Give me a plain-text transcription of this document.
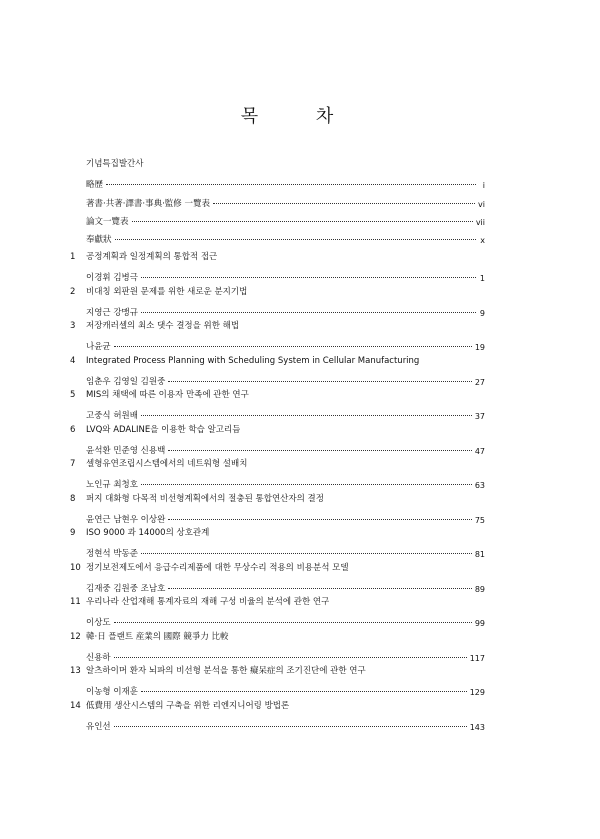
목 차
기념특집발간사
略歷	i
著書·共著·譯書·事典·監修 一覽表	vi
論文一覽表	vii
奉獻狀	x
1	공정계획과 일정계획의 통합적 접근
이경휘 김병극	1
2	비대칭 외판원 문제를 위한 새로운 분지기법
지영근 강맹규	9
3	저장캐러셀의 최소 댓수 결정을 위한 해법
나윤균	19
4	Integrated Process Planning with Scheduling System in Cellular Manufacturing
임춘우 김영일 김원중	27
5	MIS의 채택에 따른 이용자 만족에 관한 연구
고중식 허원배	37
6	LVQ와 ADALINE을 이용한 학습 알고리듬
윤석환 민준영 신용백	47
7	셀형유연조립시스템에서의 네트워형 설배치
노인규 최청호	63
8	퍼지 대화형 다목적 비선형계획에서의 절충된 통합연산자의 결정
윤연근 남현우 이상완	75
9	ISO 9000 과 14000의 상호관계
정현석 박동준	81
10 정기보전제도에서 응급수리제품에 대한 무상수리 적용의 비용분석 모델
김재중 김원중 조남호	89
11 우리나라 산업재해 통계자료의 재해 구성 비율의 분석에 관한 연구
이상도	99
12 韓·日 플랜트 産業의 國際 競爭力 比較
신용하	117
13 알츠하이머 환자 뇌파의 비선형 분석을 통한 癡呆症의 조기진단에 관한 연구
이농형 이재훈	129
14 低費用 생산시스템의 구축을 위한 리엔지니어링 방법론
유인선	143
